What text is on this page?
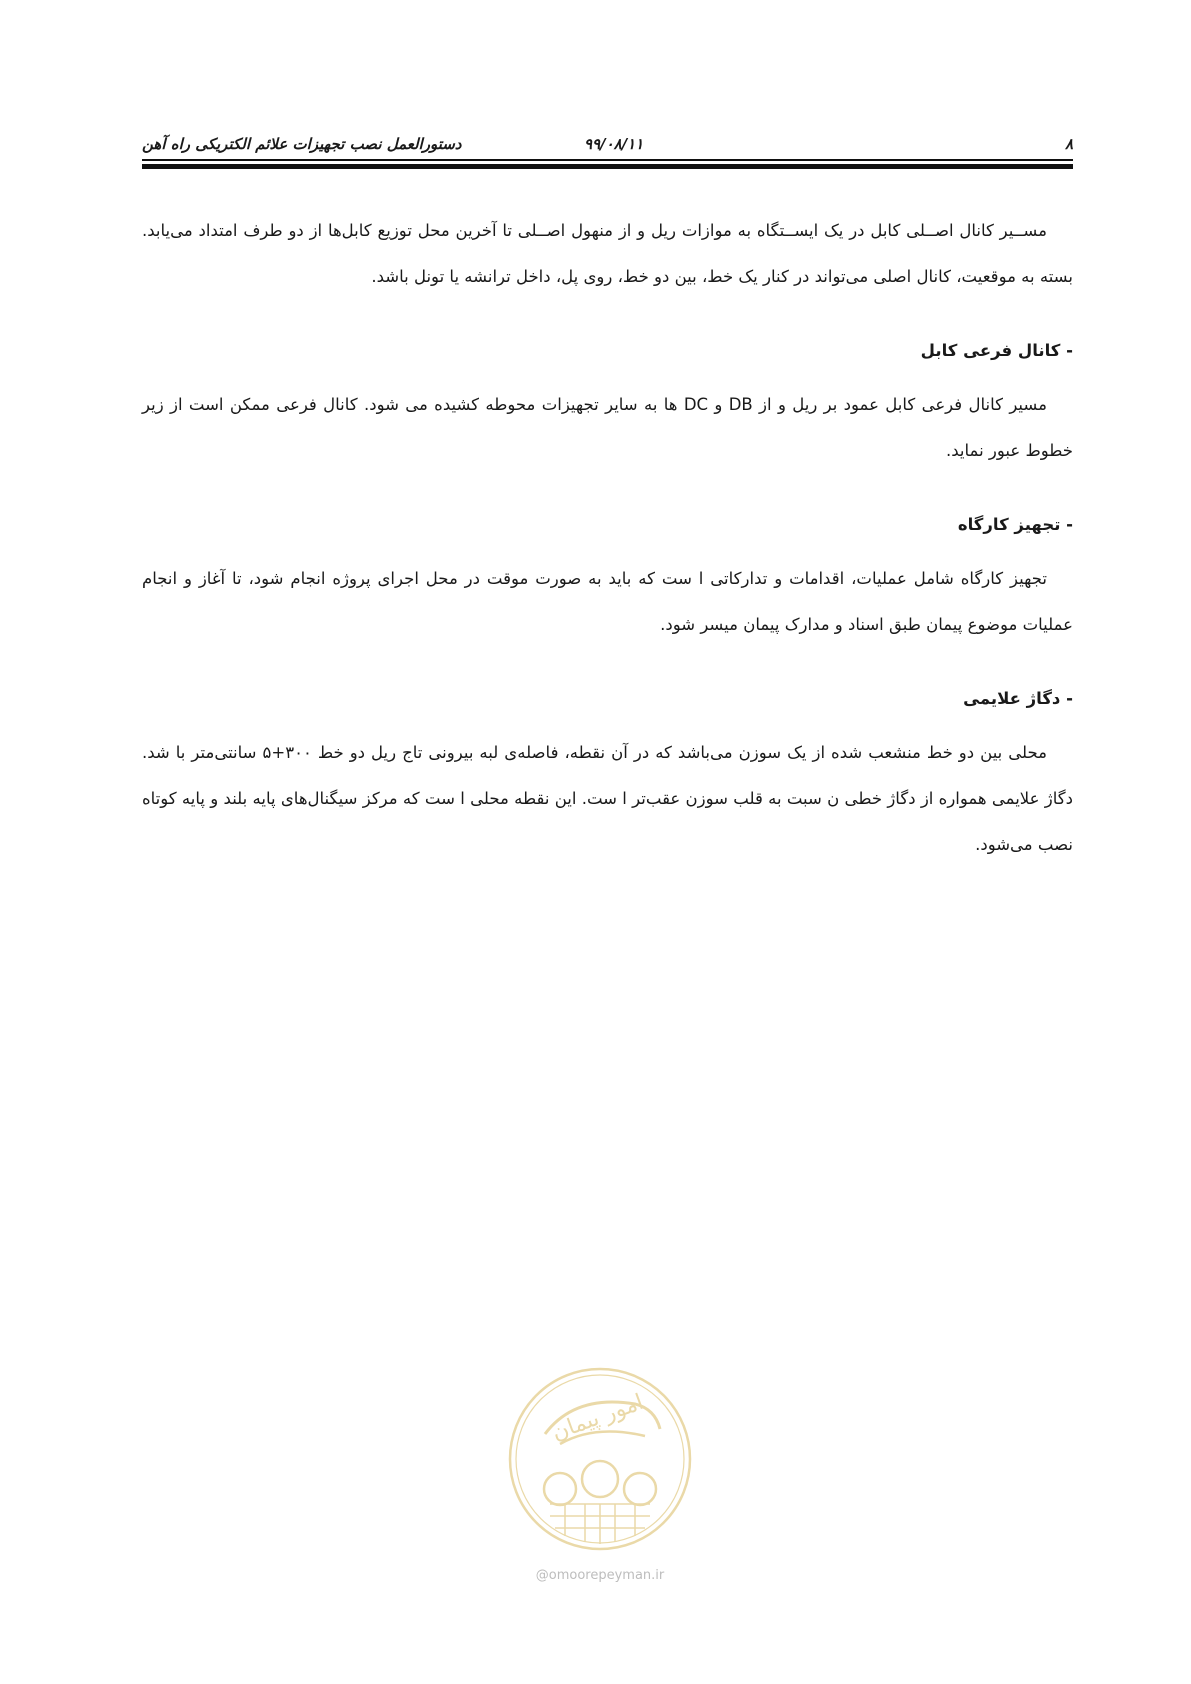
دستورالعمل نصب تجهیزات علائم الکتریکی راه آهن	۹۹/۰۸/۱۱	۸

مســیر کانال اصــلی کابل در یک ایســتگاه به موازات ریل و از منهول اصــلی تا آخرین محل توزیع کابل‌ها از دو طرف امتداد می‌یابد. بسته به موقعیت، کانال اصلی می‌تواند در کنار یک خط، بین دو خط، روی پل، داخل ترانشه یا تونل باشد.

- کانال فرعی کابل

مسیر کانال فرعی کابل عمود بر ریل و از DB و DC ها به سایر تجهیزات محوطه کشیده می شود. کانال فرعی ممکن است از زیر خطوط عبور نماید.

- تجهیز کارگاه

تجهیز کارگاه شامل عملیات، اقدامات و تدارکاتی ا ست که باید به صورت موقت در محل اجرای پروژه انجام شود، تا آغاز و انجام عملیات موضوع پیمان طبق اسناد و مدارک پیمان میسر شود.

- دگاژ علایمی

محلی بین دو خط منشعب شده از یک سوزن می‌باشد که در آن نقطه، فاصله‌ی لبه بیرونی تاج ریل دو خط ۳۰۰+۵ سانتی‌متر با شد. دگاژ علایمی همواره از دگاژ خطی ن سبت به قلب سوزن عقب‌تر ا ست. این نقطه محلی ا ست که مرکز سیگنال‌های پایه بلند و پایه کوتاه نصب می‌شود.

امور پیمان
@omoorepeyman.ir
